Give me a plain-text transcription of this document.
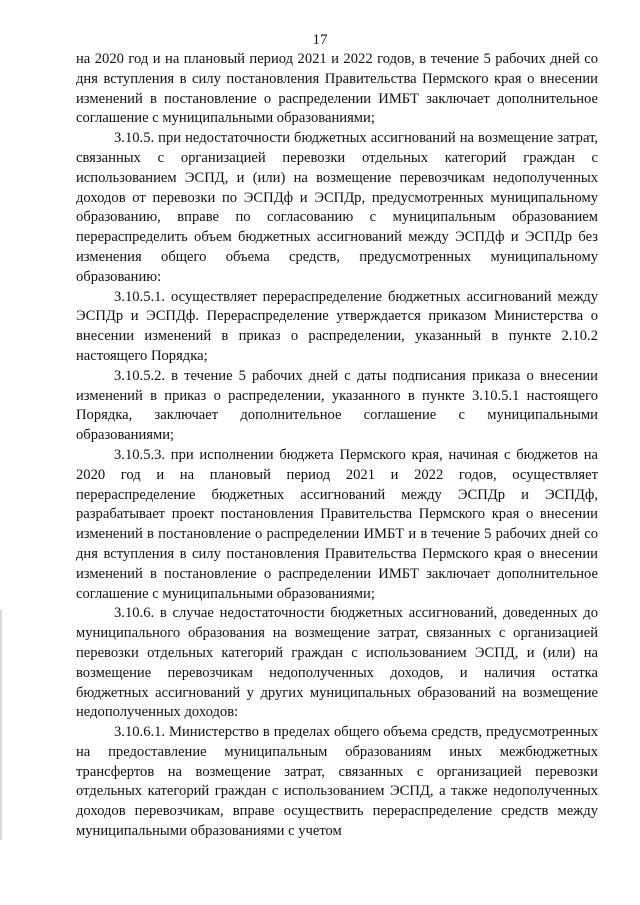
17

на 2020 год и на плановый период 2021 и 2022 годов, в течение 5 рабочих дней со дня вступления в силу постановления Правительства Пермского края о внесении изменений в постановление о распределении ИМБТ заключает дополнительное соглашение с муниципальными образованиями;

3.10.5. при недостаточности бюджетных ассигнований на возмещение затрат, связанных с организацией перевозки отдельных категорий граждан с использованием ЭСПД, и (или) на возмещение перевозчикам недополученных доходов от перевозки по ЭСПДф и ЭСПДр, предусмотренных муниципальному образованию, вправе по согласованию с муниципальным образованием перераспределить объем бюджетных ассигнований между ЭСПДф и ЭСПДр без изменения общего объема средств, предусмотренных муниципальному образованию:

3.10.5.1. осуществляет перераспределение бюджетных ассигнований между ЭСПДр и ЭСПДф. Перераспределение утверждается приказом Министерства о внесении изменений в приказ о распределении, указанный в пункте 2.10.2 настоящего Порядка;

3.10.5.2. в течение 5 рабочих дней с даты подписания приказа о внесении изменений в приказ о распределении, указанного в пункте 3.10.5.1 настоящего Порядка, заключает дополнительное соглашение с муниципальными образованиями;

3.10.5.3. при исполнении бюджета Пермского края, начиная с бюджетов на 2020 год и на плановый период 2021 и 2022 годов, осуществляет перераспределение бюджетных ассигнований между ЭСПДр и ЭСПДф, разрабатывает проект постановления Правительства Пермского края о внесении изменений в постановление о распределении ИМБТ и в течение 5 рабочих дней со дня вступления в силу постановления Правительства Пермского края о внесении изменений в постановление о распределении ИМБТ заключает дополнительное соглашение с муниципальными образованиями;

3.10.6. в случае недостаточности бюджетных ассигнований, доведенных до муниципального образования на возмещение затрат, связанных с организацией перевозки отдельных категорий граждан с использованием ЭСПД, и (или) на возмещение перевозчикам недополученных доходов, и наличия остатка бюджетных ассигнований у других муниципальных образований на возмещение недополученных доходов:

3.10.6.1. Министерство в пределах общего объема средств, предусмотренных на предоставление муниципальным образованиям иных межбюджетных трансфертов на возмещение затрат, связанных с организацией перевозки отдельных категорий граждан с использованием ЭСПД, а также недополученных доходов перевозчикам, вправе осуществить перераспределение средств между муниципальными образованиями с учетом
